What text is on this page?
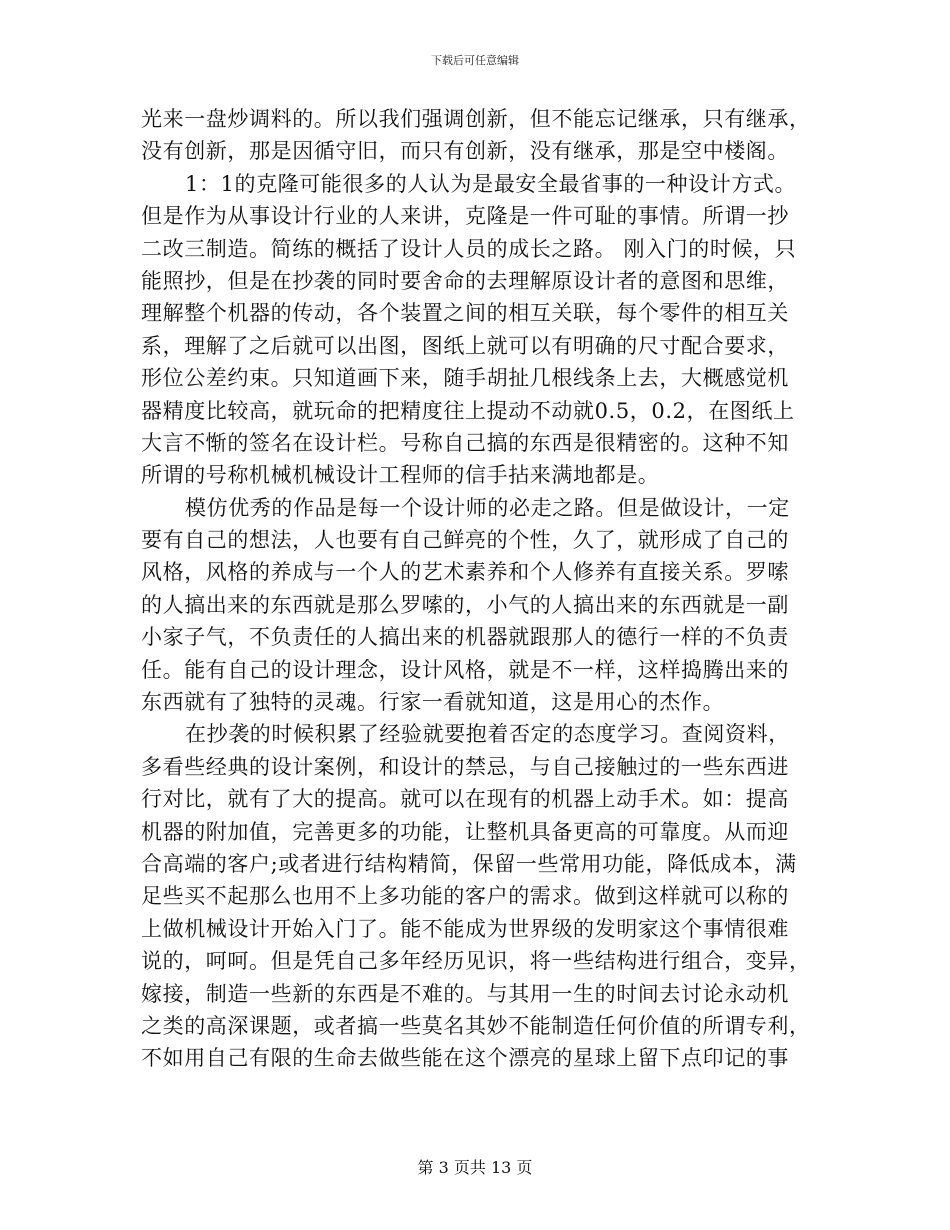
下载后可任意编辑
光来一盘炒调料的。所以我们强调创新，但不能忘记继承，只有继承，
没有创新，那是因循守旧，而只有创新，没有继承，那是空中楼阁。
1：1的克隆可能很多的人认为是最安全最省事的一种设计方式。
但是作为从事设计行业的人来讲，克隆是一件可耻的事情。所谓一抄
二改三制造。简练的概括了设计人员的成长之路。 刚入门的时候，只
能照抄，但是在抄袭的同时要舍命的去理解原设计者的意图和思维，
理解整个机器的传动，各个装置之间的相互关联，每个零件的相互关
系，理解了之后就可以出图，图纸上就可以有明确的尺寸配合要求，
形位公差约束。只知道画下来，随手胡扯几根线条上去，大概感觉机
器精度比较高，就玩命的把精度往上提动不动就0.5，0.2，在图纸上
大言不惭的签名在设计栏。号称自己搞的东西是很精密的。这种不知
所谓的号称机械机械设计工程师的信手拈来满地都是。
模仿优秀的作品是每一个设计师的必走之路。但是做设计，一定
要有自己的想法，人也要有自己鲜亮的个性，久了，就形成了自己的
风格，风格的养成与一个人的艺术素养和个人修养有直接关系。罗嗦
的人搞出来的东西就是那么罗嗦的，小气的人搞出来的东西就是一副
小家子气，不负责任的人搞出来的机器就跟那人的德行一样的不负责
任。能有自己的设计理念，设计风格，就是不一样，这样捣腾出来的
东西就有了独特的灵魂。行家一看就知道，这是用心的杰作。
在抄袭的时候积累了经验就要抱着否定的态度学习。查阅资料，
多看些经典的设计案例，和设计的禁忌，与自己接触过的一些东西进
行对比，就有了大的提高。就可以在现有的机器上动手术。如：提高
机器的附加值，完善更多的功能，让整机具备更高的可靠度。从而迎
合高端的客户;或者进行结构精简，保留一些常用功能，降低成本，满
足些买不起那么也用不上多功能的客户的需求。做到这样就可以称的
上做机械设计开始入门了。能不能成为世界级的发明家这个事情很难
说的，呵呵。但是凭自己多年经历见识，将一些结构进行组合，变异，
嫁接，制造一些新的东西是不难的。与其用一生的时间去讨论永动机
之类的高深课题，或者搞一些莫名其妙不能制造任何价值的所谓专利，
不如用自己有限的生命去做些能在这个漂亮的星球上留下点印记的事
第 3 页共 13 页
